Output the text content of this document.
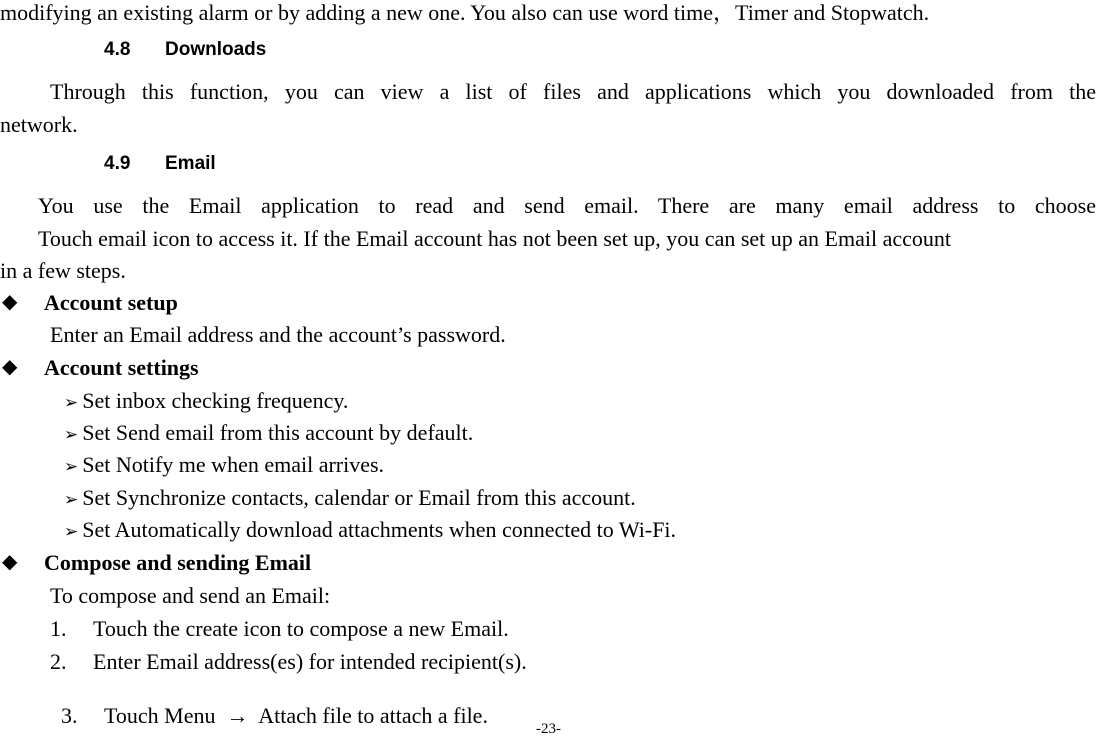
modifying an existing alarm or by adding a new one. You also can use word time，Timer and Stopwatch.
4.8 Downloads
Through this function, you can view a list of files and applications which you downloaded from the
network.
4.9 Email
You use the Email application to read and send email. There are many email address to choose
Touch email icon to access it. If the Email account has not been set up, you can set up an Email account
in a few steps.
◆ Account setup
Enter an Email address and the account’s password.
◆ Account settings
➢ Set inbox checking frequency.
➢ Set Send email from this account by default.
➢ Set Notify me when email arrives.
➢ Set Synchronize contacts, calendar or Email from this account.
➢ Set Automatically download attachments when connected to Wi-Fi.
◆ Compose and sending Email
To compose and send an Email:
1. Touch the create icon to compose a new Email.
2. Enter Email address(es) for intended recipient(s).

3. Touch Menu  →  Attach file to attach a file.

-23-
